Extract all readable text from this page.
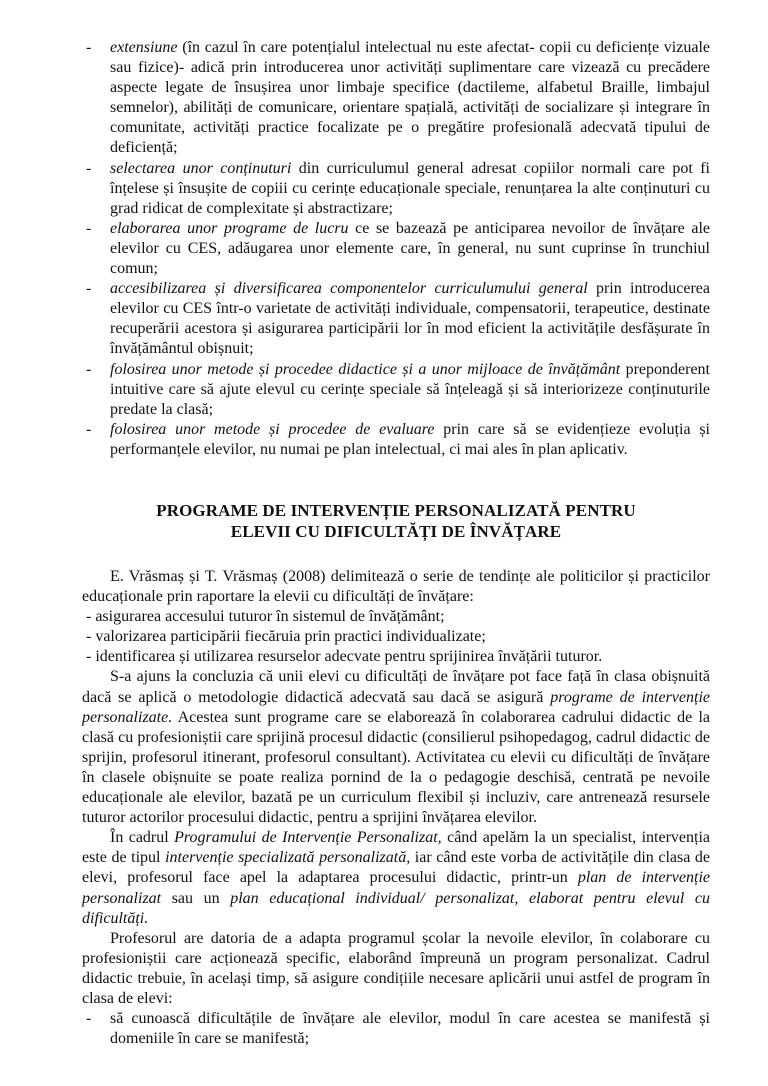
- extensiune (în cazul în care potențialul intelectual nu este afectat- copii cu deficiențe vizuale sau fizice)- adică prin introducerea unor activități suplimentare care vizează cu precădere aspecte legate de însușirea unor limbaje specifice (dactileme, alfabetul Braille, limbajul semnelor), abilități de comunicare, orientare spațială, activități de socializare și integrare în comunitate, activități practice focalizate pe o pregătire profesională adecvată tipului de deficiență;

- selectarea unor conținuturi din curriculumul general adresat copiilor normali care pot fi înțelese și însușite de copiii cu cerințe educaționale speciale, renunțarea la alte conținuturi cu grad ridicat de complexitate și abstractizare;

- elaborarea unor programe de lucru ce se bazează pe anticiparea nevoilor de învățare ale elevilor cu CES, adăugarea unor elemente care, în general, nu sunt cuprinse în trunchiul comun;

- accesibilizarea și diversificarea componentelor curriculumului general prin introducerea elevilor cu CES într-o varietate de activități individuale, compensatorii, terapeutice, destinate recuperării acestora și asigurarea participării lor în mod eficient la activitățile desfășurate în învățământul obișnuit;

- folosirea unor metode și procedee didactice și a unor mijloace de învățământ preponderent intuitive care să ajute elevul cu cerințe speciale să înțeleagă și să interiorizeze conținuturile predate la clasă;

- folosirea unor metode și procedee de evaluare prin care să se evidențieze evoluția și performanțele elevilor, nu numai pe plan intelectual, ci mai ales în plan aplicativ.

PROGRAME DE INTERVENȚIE PERSONALIZATĂ PENTRU
ELEVII CU DIFICULTĂȚI DE ÎNVĂȚARE

E. Vrăsmaș și T. Vrăsmaș (2008) delimitează o serie de tendințe ale politicilor și practicilor educaționale prin raportare la elevii cu dificultăți de învățare:

- asigurarea accesului tuturor în sistemul de învățământ;

- valorizarea participării fiecăruia prin practici individualizate;

- identificarea și utilizarea resurselor adecvate pentru sprijinirea învățării tuturor.

S-a ajuns la concluzia că unii elevi cu dificultăți de învățare pot face față în clasa obișnuită dacă se aplică o metodologie didactică adecvată sau dacă se asigură programe de intervenție personalizate. Acestea sunt programe care se elaborează în colaborarea cadrului didactic de la clasă cu profesioniștii care sprijină procesul didactic (consilierul psihopedagog, cadrul didactic de sprijin, profesorul itinerant, profesorul consultant). Activitatea cu elevii cu dificultăți de învățare în clasele obișnuite se poate realiza pornind de la o pedagogie deschisă, centrată pe nevoile educaționale ale elevilor, bazată pe un curriculum flexibil și incluziv, care antrenează resursele tuturor actorilor procesului didactic, pentru a sprijini învățarea elevilor.

În cadrul Programului de Intervenție Personalizat, când apelăm la un specialist, intervenția este de tipul intervenție specializată personalizată, iar când este vorba de activitățile din clasa de elevi, profesorul face apel la adaptarea procesului didactic, printr-un plan de intervenție personalizat sau un plan educațional individual/ personalizat, elaborat pentru elevul cu dificultăți.

Profesorul are datoria de a adapta programul școlar la nevoile elevilor, în colaborare cu profesioniștii care acționează specific, elaborând împreună un program personalizat. Cadrul didactic trebuie, în același timp, să asigure condițiile necesare aplicării unui astfel de program în clasa de elevi:

- să cunoască dificultățile de învățare ale elevilor, modul în care acestea se manifestă și domeniile în care se manifestă;
